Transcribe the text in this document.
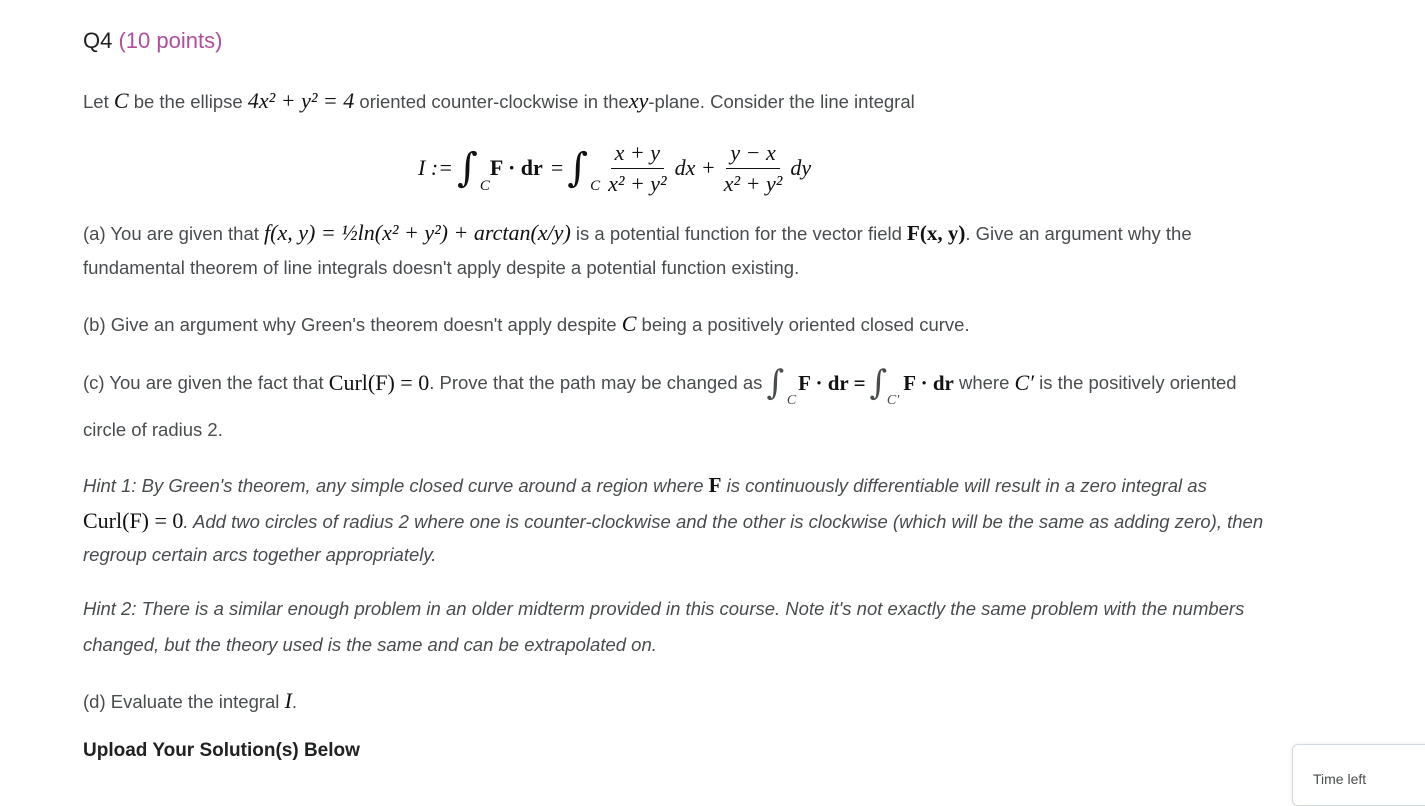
Q4 (10 points)
Let C be the ellipse 4x² + y² = 4 oriented counter-clockwise in thexy-plane. Consider the line integral
(a) You are given that f(x, y) = ½ln(x² + y²) + arctan(x/y) is a potential function for the vector field F(x, y). Give an argument why the
fundamental theorem of line integrals doesn't apply despite a potential function existing.
(b) Give an argument why Green's theorem doesn't apply despite C being a positively oriented closed curve.
(c) You are given the fact that
Curl(F) = 0 . Prove that the path may be changed as ∫ C
F · dr = ∫ C′
F · dr
where
C′
is the positively oriented
circle of radius 2.
Hint 1: By Green's theorem, any simple closed curve around a region where F is continuously differentiable will result in a zero integral as
Curl(F) = 0. Add two circles of radius 2 where one is counter-clockwise and the other is clockwise (which will be the same as adding zero), then
regroup certain arcs together appropriately.
Hint 2: There is a similar enough problem in an older midterm provided in this course. Note it's not exactly the same problem with the numbers
changed, but the theory used is the same and can be extrapolated on.
(d) Evaluate the integral I.
Upload Your Solution(s) Below
I := ∫ C
F · dr = ∫ C $\frac{x + y}{\text{x² + y²}}$ dx + $\frac{y - x}{\text{x² + y²}}$ dy
Time left
